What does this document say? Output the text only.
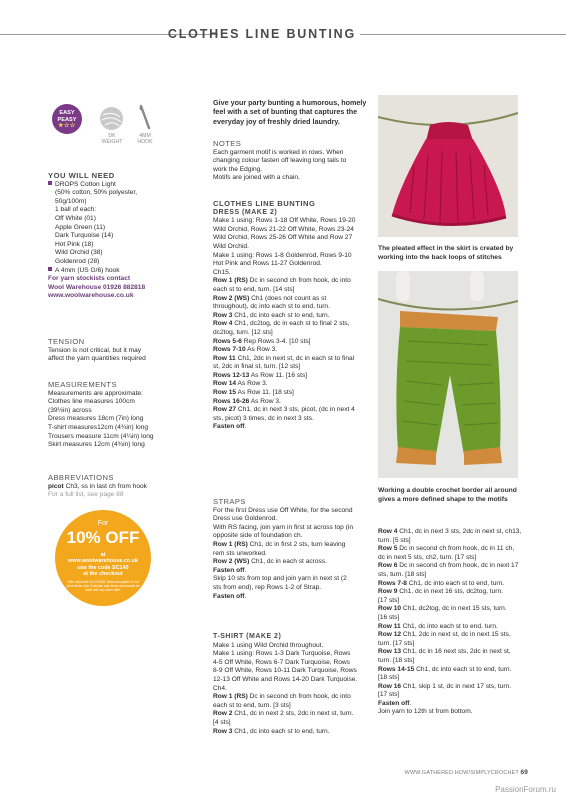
CLOTHES LINE BUNTING
EASY
PEASY
★☆☆
DK
WEIGHT
4MM
HOOK
YOU WILL NEED
DROPS Cotton Light
(50% cotton, 50% polyester,
50g/100m)
1 ball of each:
Off White (01)
Apple Green (11)
Dark Turquoise (14)
Hot Pink (18)
Wild Orchid (38)
Goldenrod (28)
A 4mm (US G/6) hook
For yarn stockists contact
Wool Warehouse 01926 882818
www.woolwarehouse.co.uk
TENSION
Tension is not critical, but it may
affect the yarn quantities required
MEASUREMENTS
Measurements are approximate:
Clothes line measures 100cm
(39½in) across
Dress measures 18cm (7in) long
T-shirt measures12cm (4¾in) long
Trousers measure 11cm (4¼in) long
Skirt measures 12cm (4¾in) long
ABBREVIATIONS
picot Ch3, ss in last ch from hook
For a full list, see page 88
For
10% OFF
at
www.woolwarehouse.co.uk
use the code SC140
at the checkout
Offer valid until 31/12/2018. Discount applies to full price items only. Excludes sale items and cannot be used with any other offer.
Give your party bunting a humorous, homely
feel with a set of bunting that captures the
everyday joy of freshly dried laundry.
NOTES
Each garment motif is worked in rows. When
changing colour fasten off leaving long tails to
work the Edging.
Motifs are joined with a chain.
CLOTHES LINE BUNTING
DRESS (MAKE 2)
Make 1 using: Rows 1-18 Off White, Rows 19-20
Wild Orchid, Rows 21-22 Off White, Rows 23-24
Wild Orchid, Rows 25-26 Off White and Row 27
Wild Orchid.
Make 1 using: Rows 1-8 Goldenrod, Rows 9-10
Hot Pink and Rows 11-27 Goldenrod.
Ch15.
Row 1 (RS) Dc in second ch from hook, dc into
each st to end, turn. [14 sts]
Row 2 (WS) Ch1 (does not count as st
throughout), dc into each st to end, turn.
Row 3 Ch1, dc into each st to end, turn.
Row 4 Ch1, dc2tog, dc in each st to final 2 sts,
dc2tog, turn. [12 sts]
Rows 5-6 Rep Rows 3-4. [10 sts]
Rows 7-10 As Row 3.
Row 11 Ch1, 2dc in next st, dc in each st to final
st, 2dc in final st, turn. [12 sts]
Rows 12-13 As Row 11. [16 sts]
Row 14 As Row 3.
Row 15 As Row 11. [18 sts]
Rows 16-26 As Row 3.
Row 27 Ch1, dc in next 3 sts, picot, (dc in next 4
sts, picot) 3 times, dc in next 3 sts.
Fasten off.
STRAPS
For the first Dress use Off White, for the second
Dress use Goldenrod.
With RS facing, join yarn in first st across top (in
opposite side of foundation ch.
Row 1 (RS) Ch1, dc in first 2 sts, turn leaving
rem sts unworked.
Row 2 (WS) Ch1, dc in each st across.
Fasten off.
Skip 10 sts from top and join yarn in next st (2
sts from end), rep Rows 1-2 of Strap.
Fasten off.
T-SHIRT (MAKE 2)
Make 1 using Wild Orchid throughout.
Make 1 using: Rows 1-3 Dark Turquoise, Rows
4-5 Off White, Rows 6-7 Dark Turquoise, Rows
8-9 Off White, Rows 10-11 Dark Turquoise, Rows
12-13 Off White and Rows 14-20 Dark Turquoise.
Ch4.
Row 1 (RS) Dc in second ch from hook, dc into
each st to end, turn. [3 sts]
Row 2 Ch1, dc in next 2 sts, 2dc in next st, turn.
[4 sts]
Row 3 Ch1, dc into each st to end, turn.
The pleated effect in the skirt is created by
working into the back loops of stitches
Working a double crochet border all around
gives a more defined shape to the motifs
Row 4 Ch1, dc in next 3 sts, 2dc in next st, ch13,
turn. [5 sts]
Row 5 Dc in second ch from hook, dc in 11 ch,
dc in next 5 sts, ch2, turn. [17 sts]
Row 6 Dc in second ch from hook, dc in next 17
sts, turn. [18 sts]
Rows 7-8 Ch1, dc into each st to end, turn.
Row 9 Ch1, dc in next 16 sts, dc2tog, turn.
[17 sts]
Row 10 Ch1, dc2tog, dc in next 15 sts, turn.
[16 sts]
Row 11 Ch1, dc into each st to end, turn.
Row 12 Ch1, 2dc in next st, dc in next 15 sts,
turn. [17 sts]
Row 13 Ch1, dc in 16 next sts, 2dc in next st,
turn. [18 sts]
Rows 14-15 Ch1, dc into each st to end, turn.
[18 sts]
Row 16 Ch1, skip 1 st, dc in next 17 sts, turn.
[17 sts]
Fasten off.
Join yarn to 12th st from bottom.
WWW.GATHERED.HOW/SIMPLYCROCHET 69
PassionForum.ru
